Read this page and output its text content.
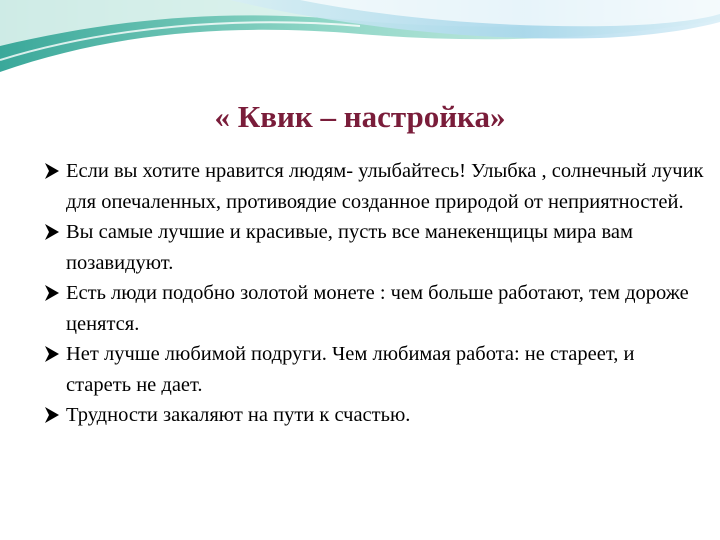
« Квик – настройка»
Если вы хотите нравится людям- улыбайтесь! Улыбка , солнечный лучик для опечаленных, противоядие созданное природой от неприятностей.
Вы самые лучшие и красивые, пусть все манекенщицы мира вам позавидуют.
Есть люди подобно золотой монете : чем больше работают, тем дороже ценятся.
Нет лучше любимой подруги. Чем любимая работа: не стареет, и стареть не дает.
Трудности закаляют на пути к счастью.
